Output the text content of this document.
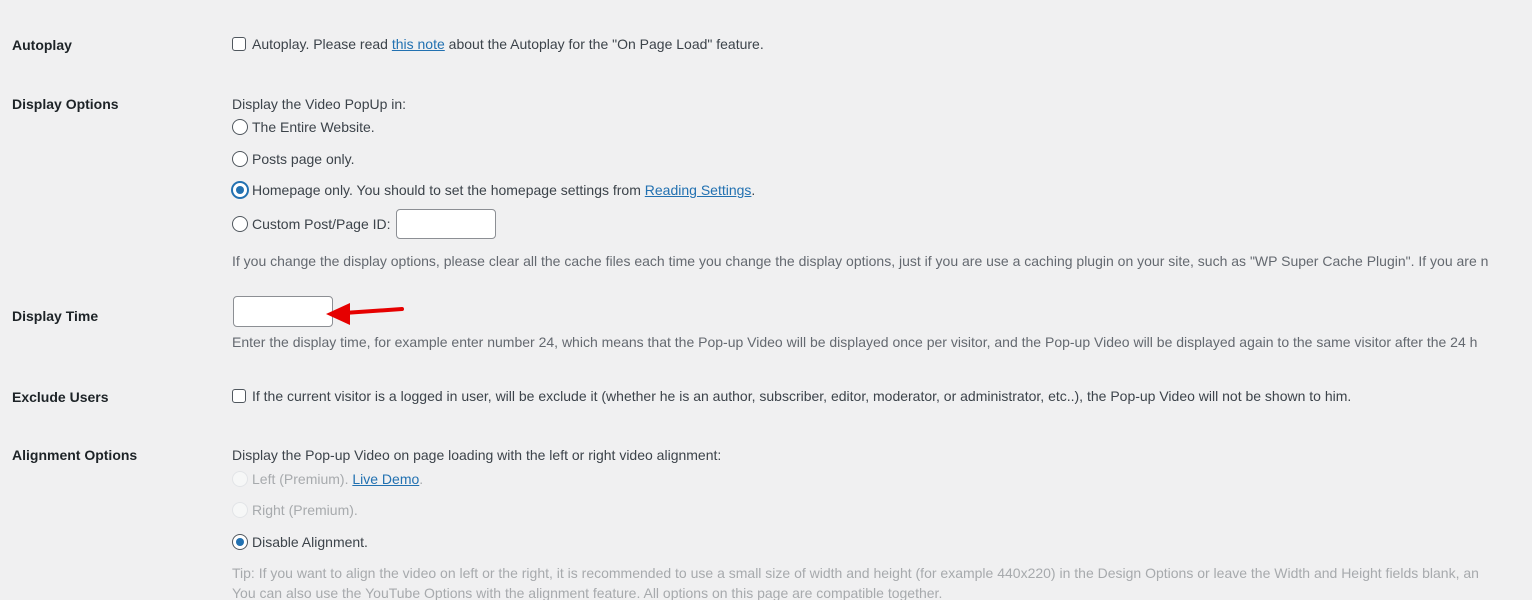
Autoplay	Autoplay. Please read this note about the Autoplay for the "On Page Load" feature.
Display Options	Display the Video PopUp in:
The Entire Website.
Posts page only.
Homepage only. You should to set the homepage settings from Reading Settings .
Custom Post/Page ID:
If you change the display options, please clear all the cache files each time you change the display options, just if you are use a caching plugin on your site, such as "WP Super Cache Plugin". If you are n
Display Time
Enter the display time, for example enter number 24, which means that the Pop-up Video will be displayed once per visitor, and the Pop-up Video will be displayed again to the same visitor after the 24 h
Exclude Users	If the current visitor is a logged in user, will be exclude it (whether he is an author, subscriber, editor, moderator, or administrator, etc..), the Pop-up Video will not be shown to him.
Alignment Options	Display the Pop-up Video on page loading with the left or right video alignment:
Left (Premium). Live Demo .
Right (Premium).
Disable Alignment.
Tip: If you want to align the video on left or the right, it is recommended to use a small size of width and height (for example 440x220) in the Design Options or leave the Width and Height fields blank, an
You can also use the YouTube Options with the alignment feature. All options on this page are compatible together.
